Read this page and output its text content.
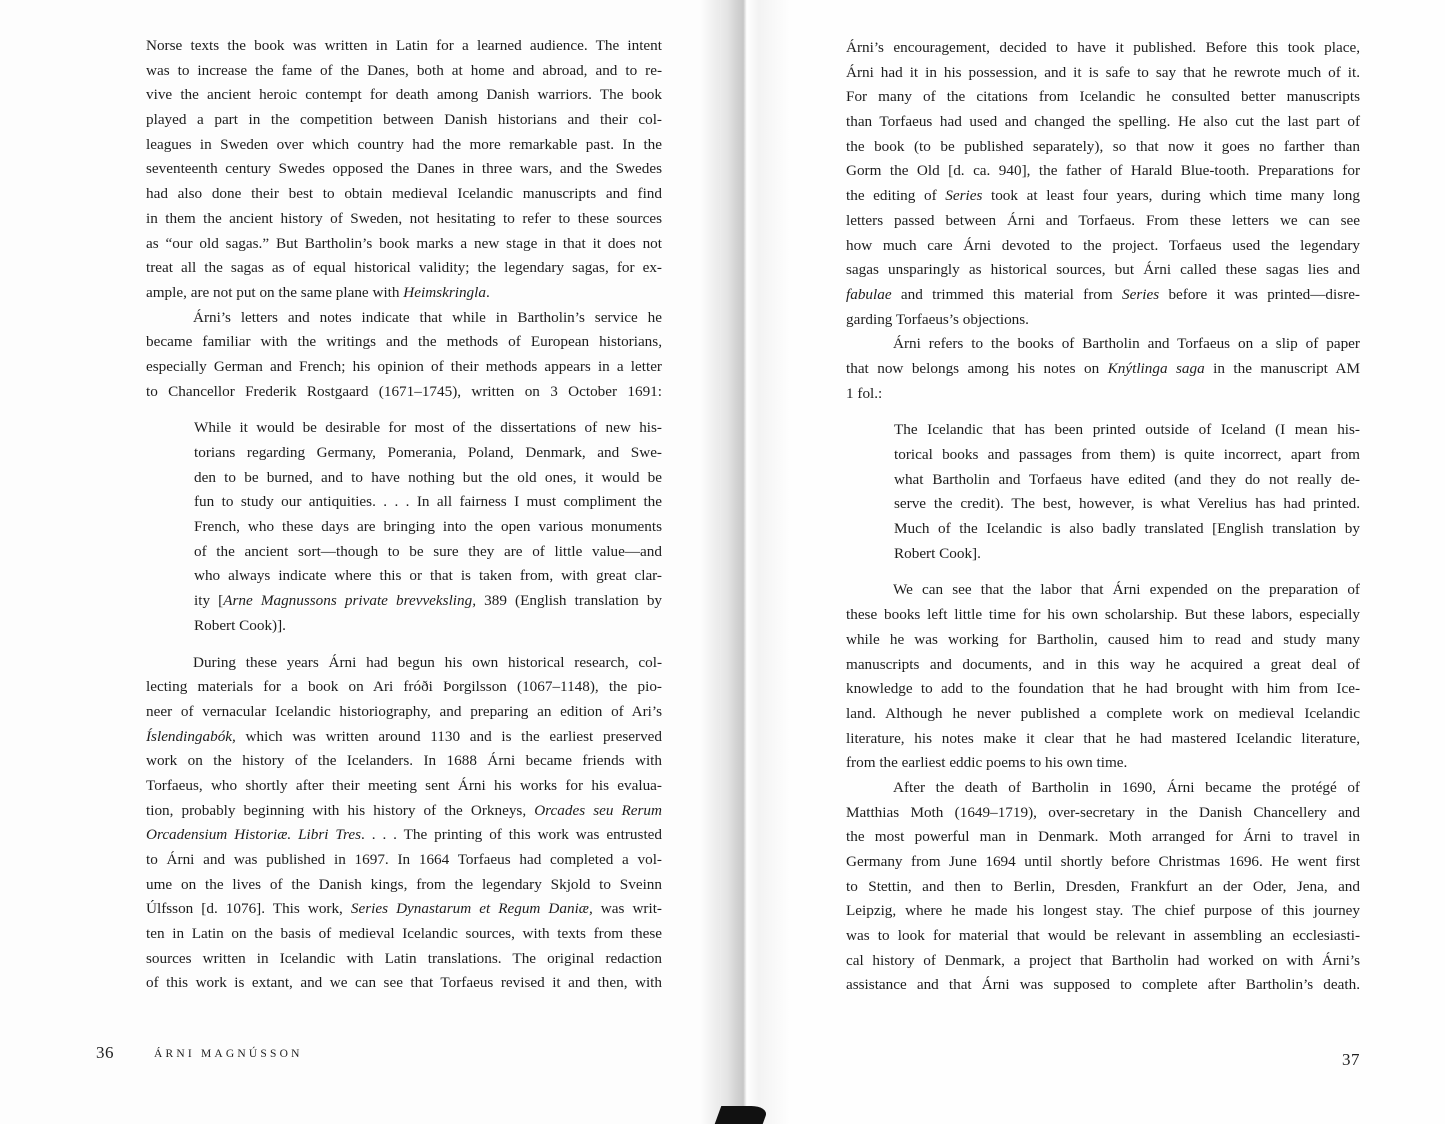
Norse texts the book was written in Latin for a learned audience. The intent
was to increase the fame of the Danes, both at home and abroad, and to re-
vive the ancient heroic contempt for death among Danish warriors. The book
played a part in the competition between Danish historians and their col-
leagues in Sweden over which country had the more remarkable past. In the
seventeenth century Swedes opposed the Danes in three wars, and the Swedes
had also done their best to obtain medieval Icelandic manuscripts and find
in them the ancient history of Sweden, not hesitating to refer to these sources
as “our old sagas.” But Bartholin’s book marks a new stage in that it does not
treat all the sagas as of equal historical validity; the legendary sagas, for ex-
ample, are not put on the same plane with Heimskringla.
Árni’s letters and notes indicate that while in Bartholin’s service he
became familiar with the writings and the methods of European historians,
especially German and French; his opinion of their methods appears in a letter
to Chancellor Frederik Rostgaard (1671–1745), written on 3 October 1691:
While it would be desirable for most of the dissertations of new his-
torians regarding Germany, Pomerania, Poland, Denmark, and Swe-
den to be burned, and to have nothing but the old ones, it would be
fun to study our antiquities. . . . In all fairness I must compliment the
French, who these days are bringing into the open various monuments
of the ancient sort—though to be sure they are of little value—and
who always indicate where this or that is taken from, with great clar-
ity [Arne Magnussons private brevveksling, 389 (English translation by
Robert Cook)].
During these years Árni had begun his own historical research, col-
lecting materials for a book on Ari fróði Þorgilsson (1067–1148), the pio-
neer of vernacular Icelandic historiography, and preparing an edition of Ari’s
Íslendingabók, which was written around 1130 and is the earliest preserved
work on the history of the Icelanders. In 1688 Árni became friends with
Torfaeus, who shortly after their meeting sent Árni his works for his evalua-
tion, probably beginning with his history of the Orkneys, Orcades seu Rerum
Orcadensium Historiæ. Libri Tres. . . . The printing of this work was entrusted
to Árni and was published in 1697. In 1664 Torfaeus had completed a vol-
ume on the lives of the Danish kings, from the legendary Skjold to Sveinn
Úlfsson [d. 1076]. This work, Series Dynastarum et Regum Daniæ, was writ-
ten in Latin on the basis of medieval Icelandic sources, with texts from these
sources written in Icelandic with Latin translations. The original redaction
of this work is extant, and we can see that Torfaeus revised it and then, with
36	ÁRNI MAGNÚSSON
Árni’s encouragement, decided to have it published. Before this took place,
Árni had it in his possession, and it is safe to say that he rewrote much of it.
For many of the citations from Icelandic he consulted better manuscripts
than Torfaeus had used and changed the spelling. He also cut the last part of
the book (to be published separately), so that now it goes no farther than
Gorm the Old [d. ca. 940], the father of Harald Blue-tooth. Preparations for
the editing of Series took at least four years, during which time many long
letters passed between Árni and Torfaeus. From these letters we can see
how much care Árni devoted to the project. Torfaeus used the legendary
sagas unsparingly as historical sources, but Árni called these sagas lies and
fabulae and trimmed this material from Series before it was printed—disre-
garding Torfaeus’s objections.
Árni refers to the books of Bartholin and Torfaeus on a slip of paper
that now belongs among his notes on Knýtlinga saga in the manuscript AM
1 fol.:
The Icelandic that has been printed outside of Iceland (I mean his-
torical books and passages from them) is quite incorrect, apart from
what Bartholin and Torfaeus have edited (and they do not really de-
serve the credit). The best, however, is what Verelius has had printed.
Much of the Icelandic is also badly translated [English translation by
Robert Cook].
We can see that the labor that Árni expended on the preparation of
these books left little time for his own scholarship. But these labors, especially
while he was working for Bartholin, caused him to read and study many
manuscripts and documents, and in this way he acquired a great deal of
knowledge to add to the foundation that he had brought with him from Ice-
land. Although he never published a complete work on medieval Icelandic
literature, his notes make it clear that he had mastered Icelandic literature,
from the earliest eddic poems to his own time.
After the death of Bartholin in 1690, Árni became the protégé of
Matthias Moth (1649–1719), over-secretary in the Danish Chancellery and
the most powerful man in Denmark. Moth arranged for Árni to travel in
Germany from June 1694 until shortly before Christmas 1696. He went first
to Stettin, and then to Berlin, Dresden, Frankfurt an der Oder, Jena, and
Leipzig, where he made his longest stay. The chief purpose of this journey
was to look for material that would be relevant in assembling an ecclesiasti-
cal history of Denmark, a project that Bartholin had worked on with Árni’s
assistance and that Árni was supposed to complete after Bartholin’s death.
37
